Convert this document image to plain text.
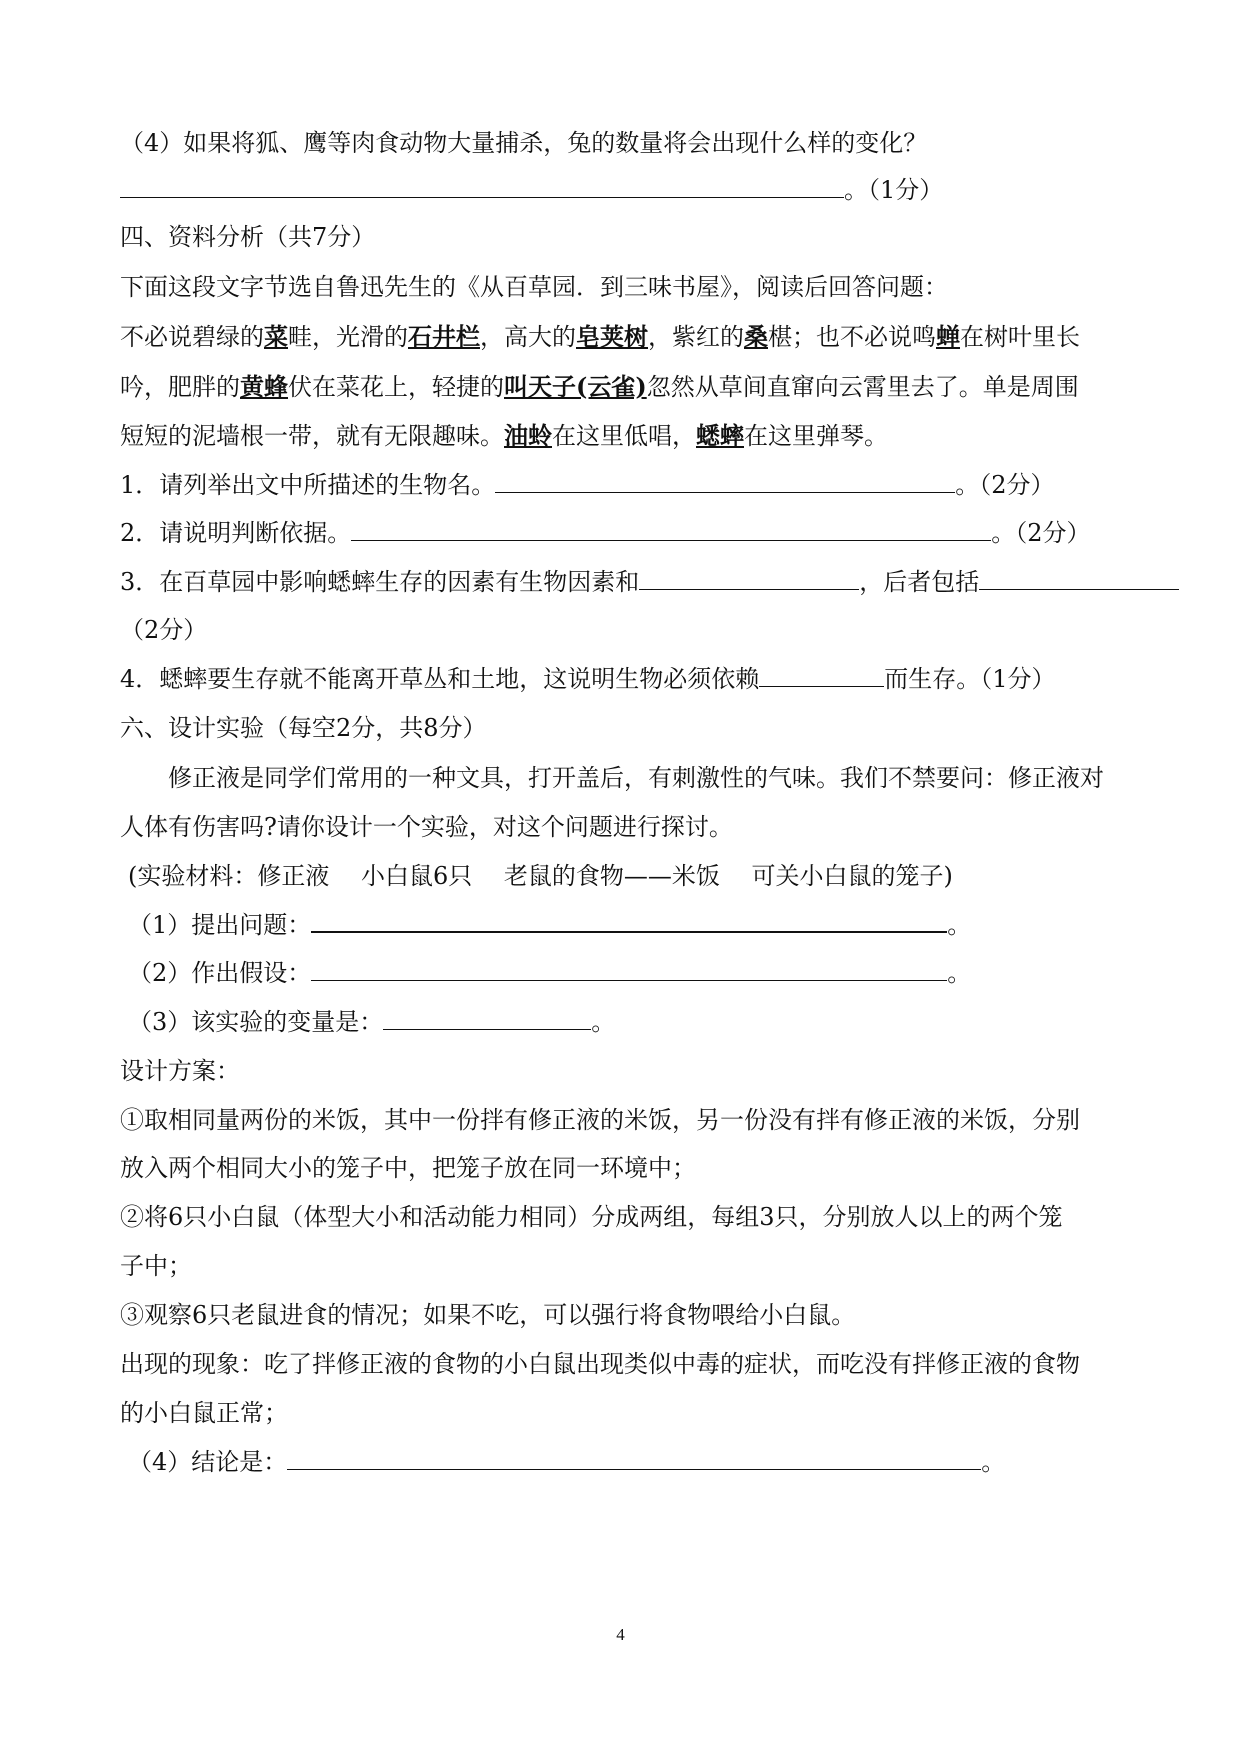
（4）如果将狐、鹰等肉食动物大量捕杀，兔的数量将会出现什么样的变化？
。（1分）
四、资料分析（共7分）
下面这段文字节选自鲁迅先生的《从百草园．到三味书屋》，阅读后回答问题：
不必说碧绿的菜畦，光滑的石井栏，高大的皂荚树，紫红的桑椹；也不必说鸣蝉在树叶里长
吟，肥胖的黄蜂伏在菜花上，轻捷的叫天子(云雀)忽然从草间直窜向云霄里去了。单是周围
短短的泥墙根一带，就有无限趣味。油蛉在这里低唱，蟋蟀在这里弹琴。
1．请列举出文中所描述的生物名。	。（2分）
2．请说明判断依据。	。（2分）
3．在百草园中影响蟋蟀生存的因素有生物因素和	，后者包括
（2分）
4．蟋蟀要生存就不能离开草丛和土地，这说明生物必须依赖	而生存。（1分）
六、设计实验（每空2分，共8分）
修正液是同学们常用的一种文具，打开盖后，有刺激性的气味。我们不禁要问：修正液对
人体有伤害吗?请你设计一个实验，对这个问题进行探讨。
(实验材料：修正液　 小白鼠6只　 老鼠的食物——米饭　 可关小白鼠的笼子)
（1）提出问题：	。
（2）作出假设：	。
（3）该实验的变量是：	。
设计方案：
①取相同量两份的米饭，其中一份拌有修正液的米饭，另一份没有拌有修正液的米饭，分别
放入两个相同大小的笼子中，把笼子放在同一环境中；
②将6只小白鼠（体型大小和活动能力相同）分成两组，每组3只，分别放人以上的两个笼
子中；
③观察6只老鼠进食的情况；如果不吃，可以强行将食物喂给小白鼠。
出现的现象：吃了拌修正液的食物的小白鼠出现类似中毒的症状，而吃没有拌修正液的食物
的小白鼠正常；
（4）结论是：	。
4
